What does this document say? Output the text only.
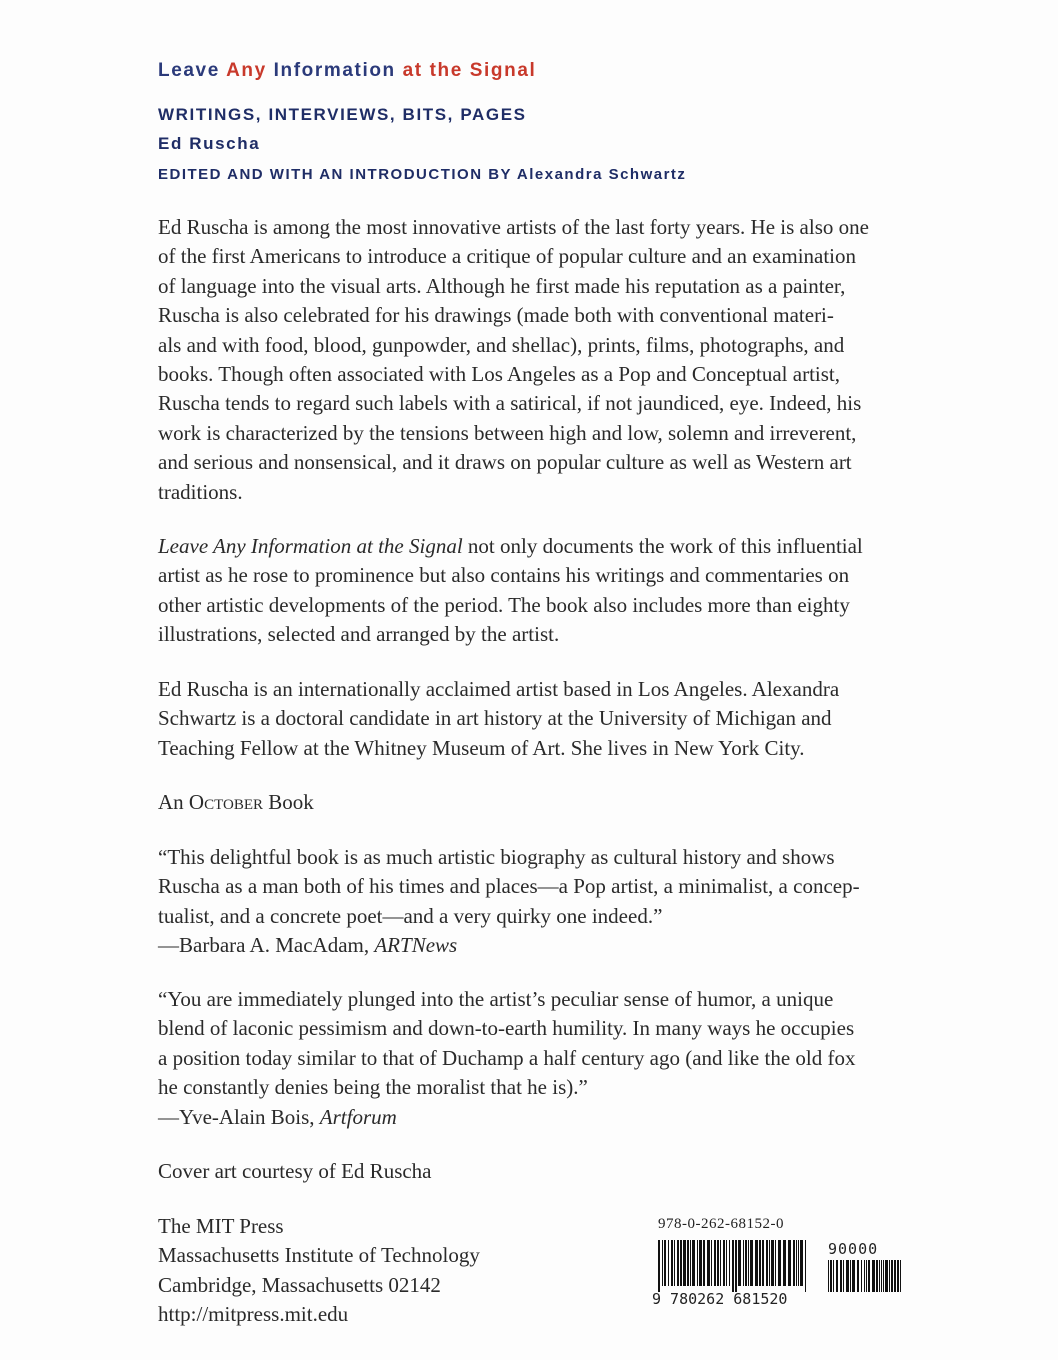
Leave Any Information at the Signal
WRITINGS, INTERVIEWS, BITS, PAGES
Ed Ruscha
EDITED AND WITH AN INTRODUCTION BY Alexandra Schwartz
Ed Ruscha is among the most innovative artists of the last forty years. He is also one
of the first Americans to introduce a critique of popular culture and an examination
of language into the visual arts. Although he first made his reputation as a painter,
Ruscha is also celebrated for his drawings (made both with conventional materi-
als and with food, blood, gunpowder, and shellac), prints, films, photographs, and
books. Though often associated with Los Angeles as a Pop and Conceptual artist,
Ruscha tends to regard such labels with a satirical, if not jaundiced, eye. Indeed, his
work is characterized by the tensions between high and low, solemn and irreverent,
and serious and nonsensical, and it draws on popular culture as well as Western art
traditions.
Leave Any Information at the Signal not only documents the work of this influential
artist as he rose to prominence but also contains his writings and commentaries on
other artistic developments of the period. The book also includes more than eighty
illustrations, selected and arranged by the artist.
Ed Ruscha is an internationally acclaimed artist based in Los Angeles. Alexandra
Schwartz is a doctoral candidate in art history at the University of Michigan and
Teaching Fellow at the Whitney Museum of Art. She lives in New York City.
An October Book
“This delightful book is as much artistic biography as cultural history and shows
Ruscha as a man both of his times and places—a Pop artist, a minimalist, a concep-
tualist, and a concrete poet—and a very quirky one indeed.”
—Barbara A. MacAdam, ARTNews
“You are immediately plunged into the artist’s peculiar sense of humor, a unique
blend of laconic pessimism and down-to-earth humility. In many ways he occupies
a position today similar to that of Duchamp a half century ago (and like the old fox
he constantly denies being the moralist that he is).”
—Yve-Alain Bois, Artforum
Cover art courtesy of Ed Ruscha
The MIT Press
Massachusetts Institute of Technology
Cambridge, Massachusetts 02142
http://mitpress.mit.edu
978-0-262-68152-0
9 780262 681520
90000
